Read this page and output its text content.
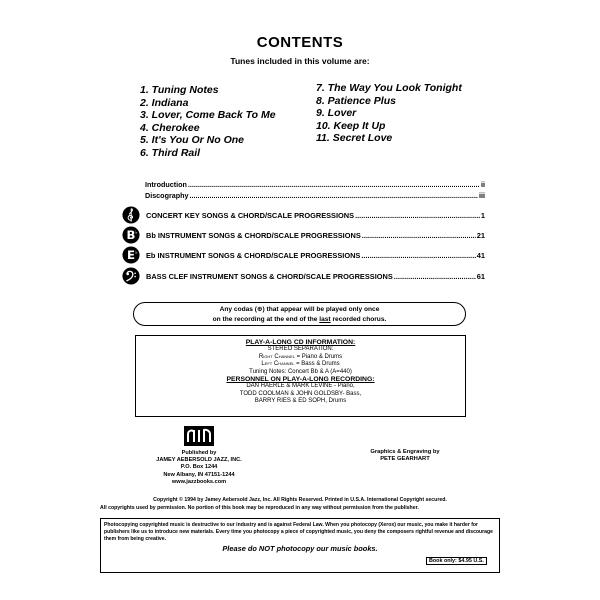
CONTENTS
Tunes included in this volume are:
1. Tuning Notes
2. Indiana
3. Lover, Come Back To Me
4. Cherokee
5. It's You Or No One
6. Third Rail
7. The Way You Look Tonight
8. Patience Plus
9. Lover
10. Keep It Up
11. Secret Love
Introduction .....	ii
Discography .....	iii
CONCERT KEY SONGS & CHORD/SCALE PROGRESSIONS .....	1
B ♭ Bb INSTRUMENT SONGS & CHORD/SCALE PROGRESSIONS .....	21
E ♭ Eb INSTRUMENT SONGS & CHORD/SCALE PROGRESSIONS .....	41
BASS CLEF INSTRUMENT SONGS & CHORD/SCALE PROGRESSIONS .....	61
Any codas (⊕) that appear will be played only once
on the recording at the end of the last recorded chorus.
PLAY-A-LONG CD INFORMATION:
STEREO SEPARATION:
Right Channel = Piano & Drums
Left Channel = Bass & Drums
Tuning Notes: Concert Bb & A (A=440)
PERSONNEL ON PLAY-A-LONG RECORDING:
DAN HAERLE & MARK LEVINE - Piano,
TODD COOLMAN & JOHN GOLDSBY- Bass,
BARRY RIES & ED SOPH, Drums
Published by
JAMEY AEBERSOLD JAZZ, INC.
P.O. Box 1244
New Albany, IN 47151-1244
www.jazzbooks.com
Graphics & Engraving by
PETE GEARHART
Copyright © 1994 by Jamey Aebersold Jazz, Inc. All Rights Reserved. Printed in U.S.A. International Copyright secured.
All copyrights used by permission. No portion of this book may be reproduced in any way without permission from the publisher.
Photocopying copyrighted music is destructive to our industry and is against Federal Law. When you photocopy (Xerox) our music, you make it harder for publishers like us to introduce new materials. Every time you photocopy a piece of copyrighted music, you deny the composers rightful revenue and discourage them from being creative.
Please do NOT photocopy our music books.
Book only: $4.95 U.S.
